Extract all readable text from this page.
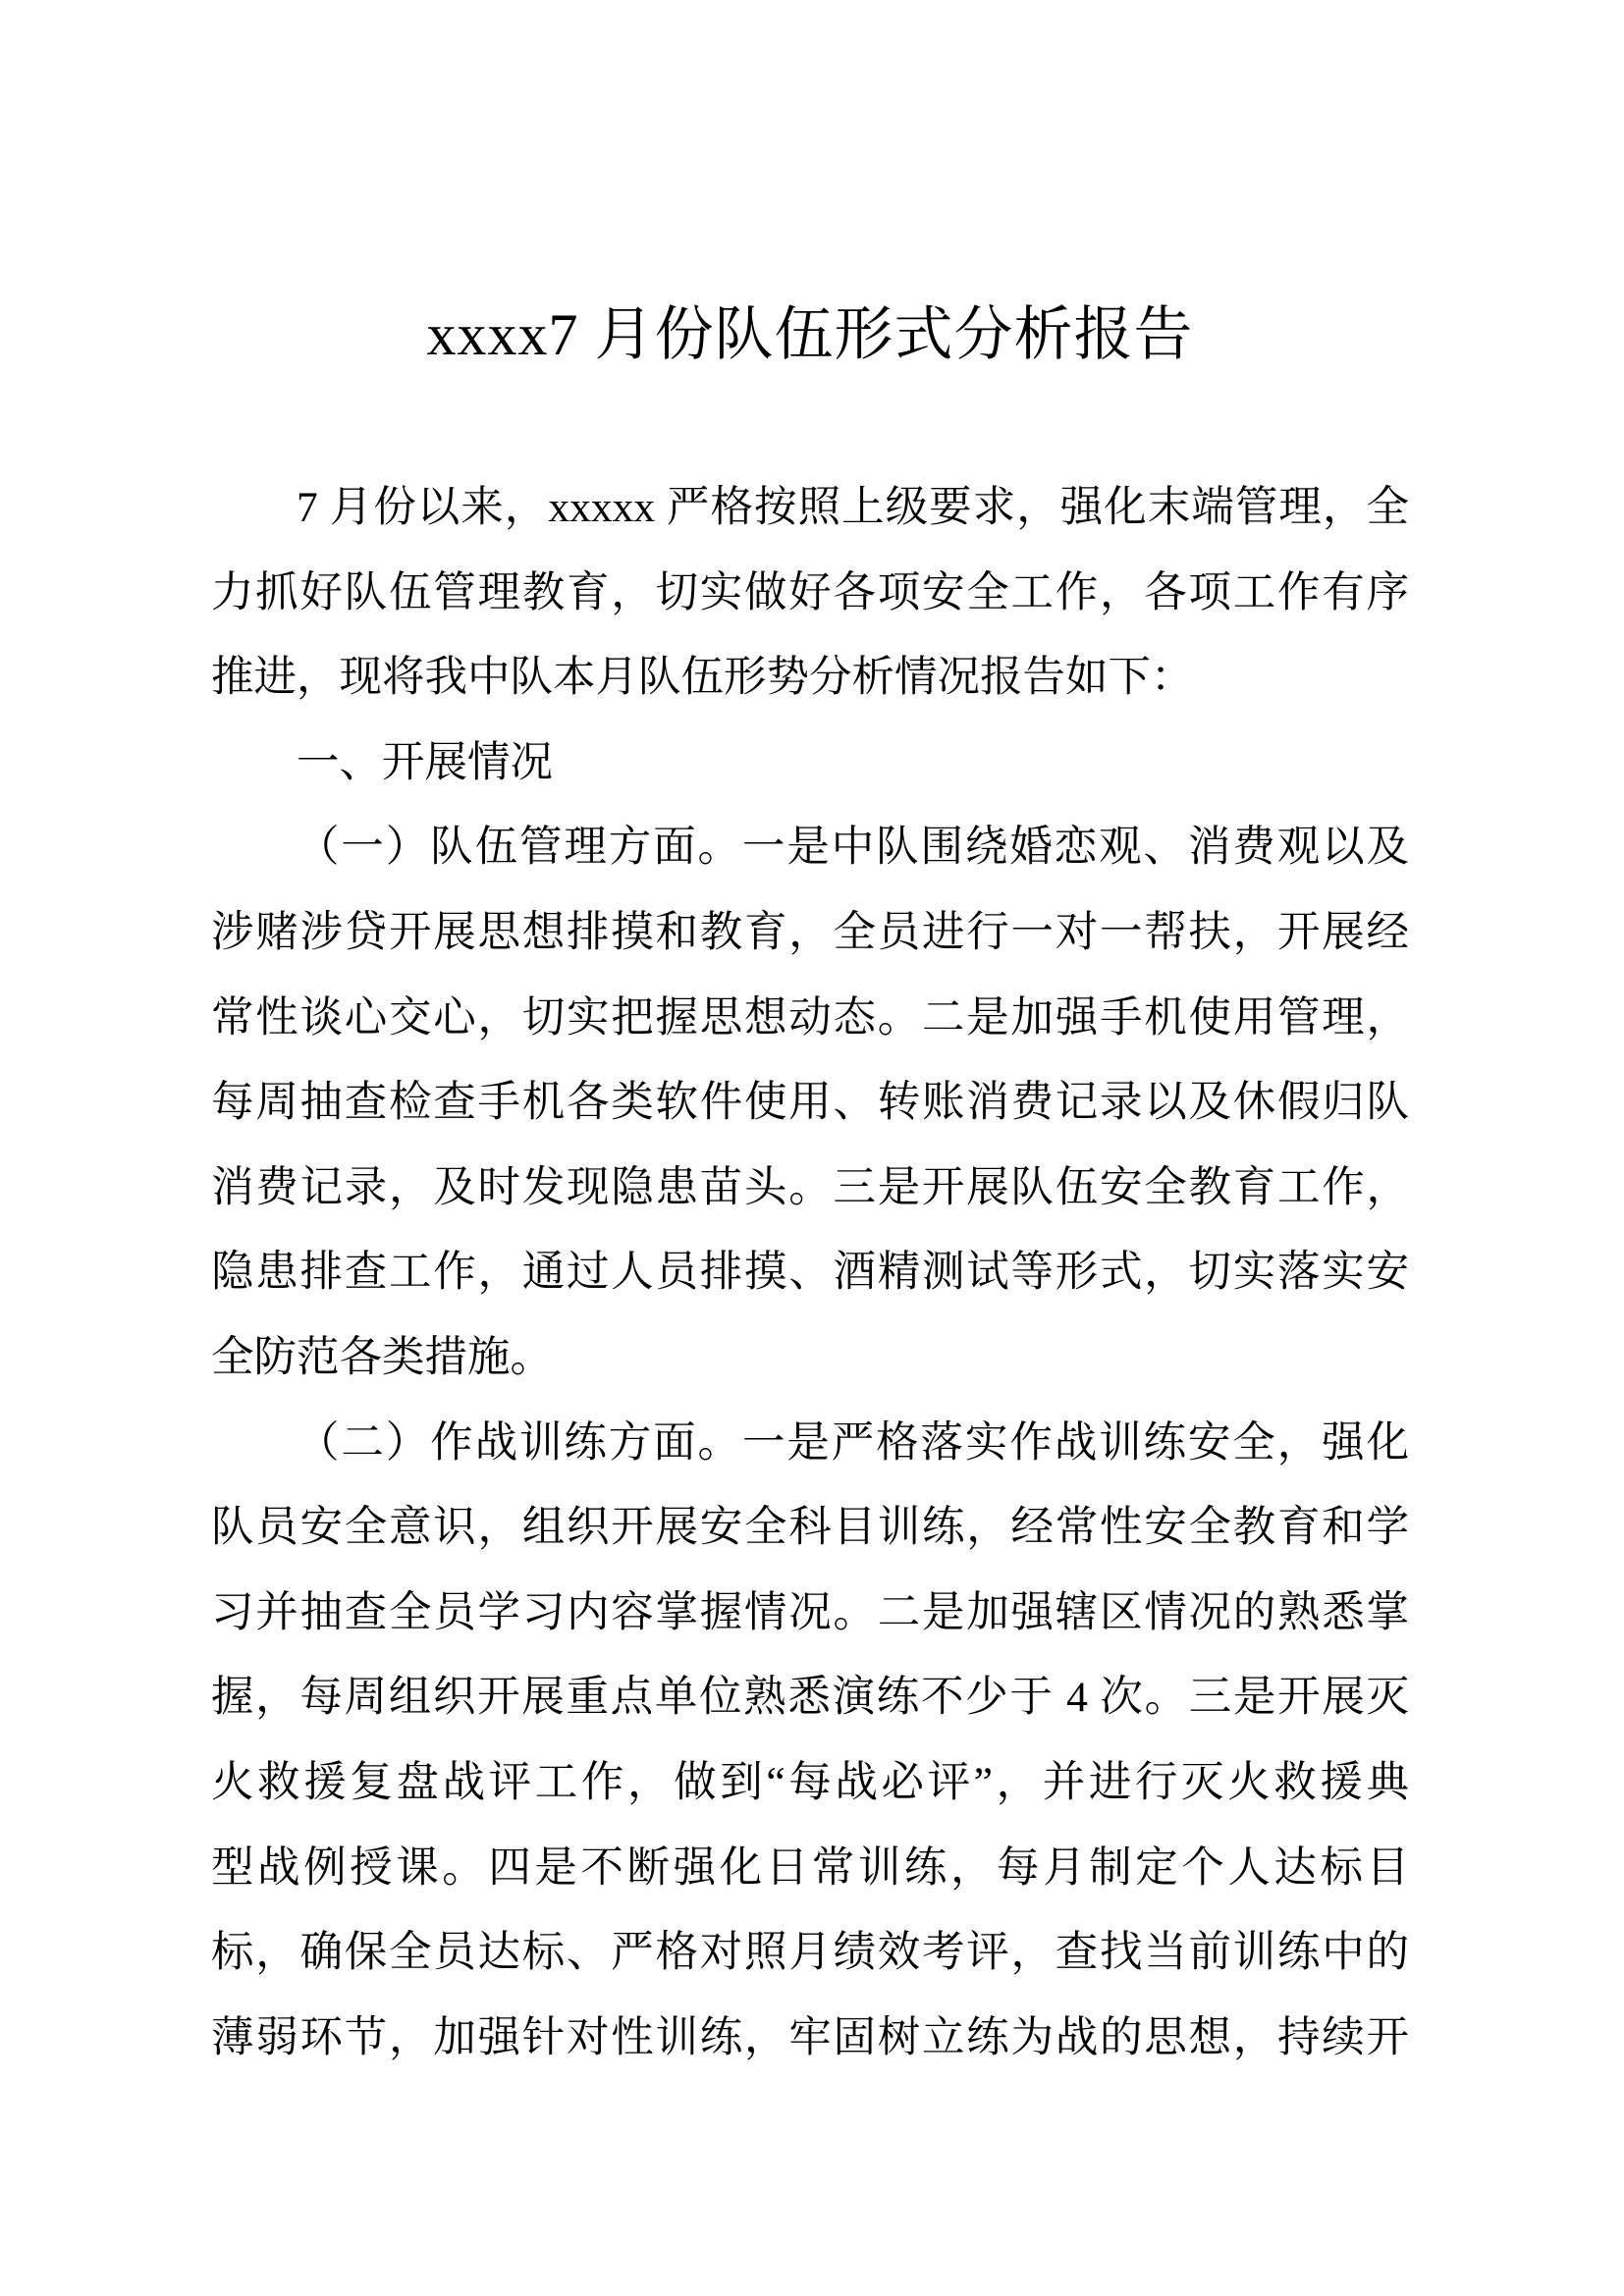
xxxx7 月份队伍形式分析报告
7 月份以来，xxxxx 严格按照上级要求，强化末端管理，全
力抓好队伍管理教育，切实做好各项安全工作，各项工作有序
推进，现将我中队本月队伍形势分析情况报告如下：
一、开展情况
（一）队伍管理方面。一是中队围绕婚恋观、消费观以及
涉赌涉贷开展思想排摸和教育，全员进行一对一帮扶，开展经
常性谈心交心，切实把握思想动态。二是加强手机使用管理，
每周抽查检查手机各类软件使用、转账消费记录以及休假归队
消费记录，及时发现隐患苗头。三是开展队伍安全教育工作，
隐患排查工作，通过人员排摸、酒精测试等形式，切实落实安
全防范各类措施。
（二）作战训练方面。一是严格落实作战训练安全，强化
队员安全意识，组织开展安全科目训练，经常性安全教育和学
习并抽查全员学习内容掌握情况。二是加强辖区情况的熟悉掌
握，每周组织开展重点单位熟悉演练不少于 4 次。三是开展灭
火救援复盘战评工作，做到“每战必评”，并进行灭火救援典
型战例授课。四是不断强化日常训练，每月制定个人达标目
标，确保全员达标、严格对照月绩效考评，查找当前训练中的
薄弱环节，加强针对性训练，牢固树立练为战的思想，持续开
